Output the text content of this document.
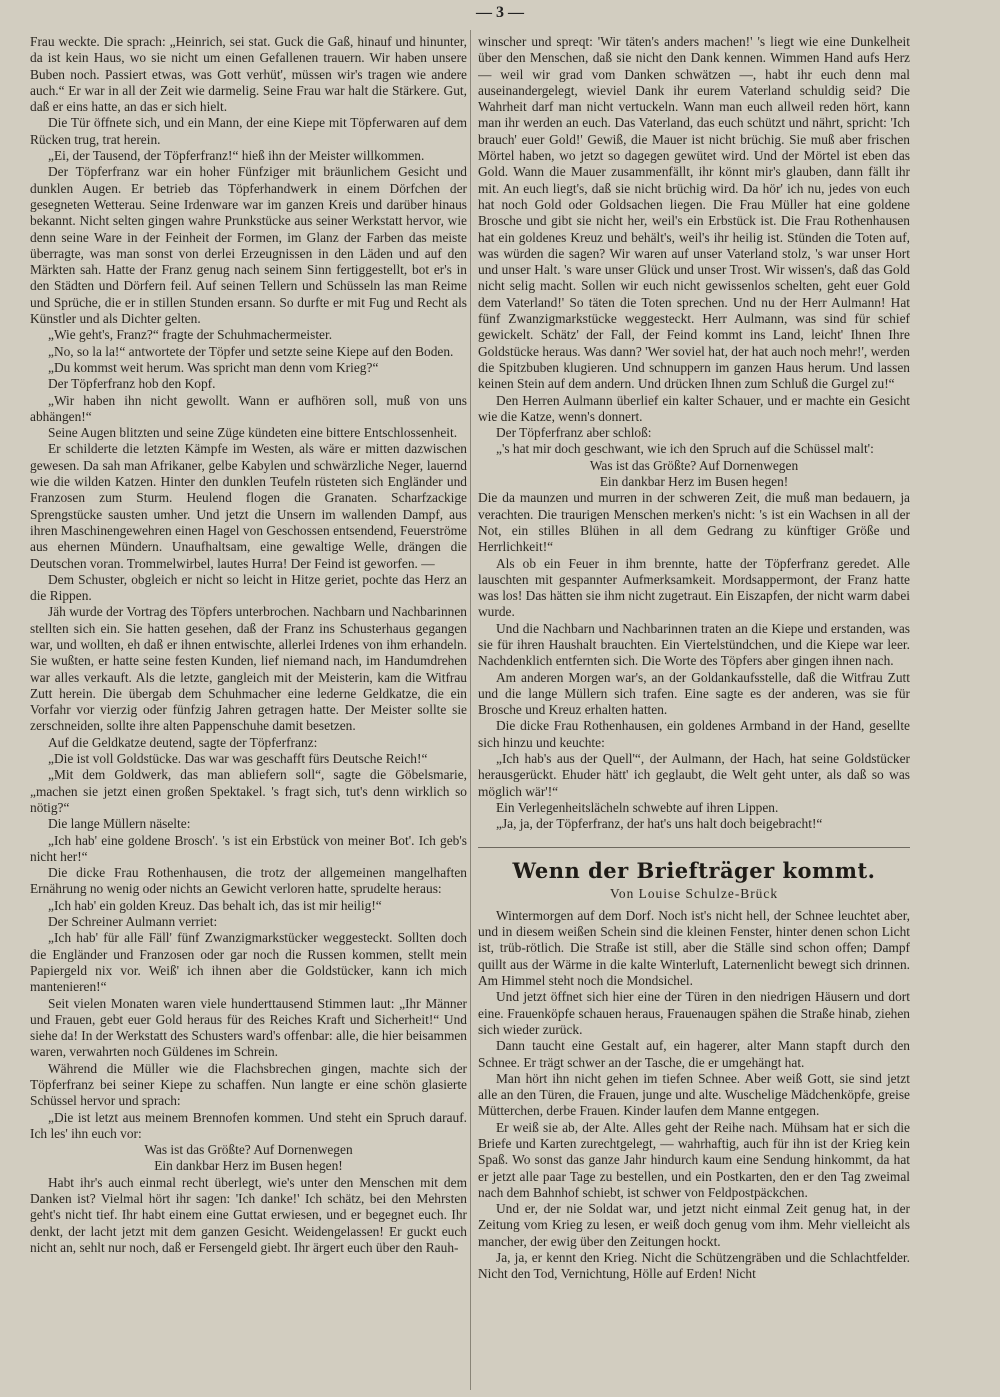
— 3 —

Frau weckte. Die sprach: „Heinrich, sei stat. Guck die Gaß, hinauf und hinunter, da ist kein Haus, wo sie nicht um einen Gefallenen trauern. Wir haben unsere Buben noch. Passiert etwas, was Gott verhüt', müssen wir's tragen wie andere auch.“ Er war in all der Zeit wie darmelig. Seine Frau war halt die Stärkere. Gut, daß er eins hatte, an das er sich hielt.

Die Tür öffnete sich, und ein Mann, der eine Kiepe mit Töpferwaren auf dem Rücken trug, trat herein.

„Ei, der Tausend, der Töpferfranz!“ hieß ihn der Meister willkommen.

Der Töpferfranz war ein hoher Fünfziger mit bräunlichem Gesicht und dunklen Augen. Er betrieb das Töpferhandwerk in einem Dörfchen der gesegneten Wetterau. Seine Irdenware war im ganzen Kreis und darüber hinaus bekannt. Nicht selten gingen wahre Prunkstücke aus seiner Werkstatt hervor, wie denn seine Ware in der Feinheit der Formen, im Glanz der Farben das meiste überragte, was man sonst von derlei Erzeugnissen in den Läden und auf den Märkten sah. Hatte der Franz genug nach seinem Sinn fertiggestellt, bot er's in den Städten und Dörfern feil. Auf seinen Tellern und Schüsseln las man Reime und Sprüche, die er in stillen Stunden ersann. So durfte er mit Fug und Recht als Künstler und als Dichter gelten.

„Wie geht's, Franz?“ fragte der Schuhmachermeister.

„No, so la la!“ antwortete der Töpfer und setzte seine Kiepe auf den Boden.

„Du kommst weit herum. Was spricht man denn vom Krieg?“

Der Töpferfranz hob den Kopf.

„Wir haben ihn nicht gewollt. Wann er aufhören soll, muß von uns abhängen!“

Seine Augen blitzten und seine Züge kündeten eine bittere Entschlossenheit.

Er schilderte die letzten Kämpfe im Westen, als wäre er mitten dazwischen gewesen. Da sah man Afrikaner, gelbe Kabylen und schwärzliche Neger, lauernd wie die wilden Katzen. Hinter den dunklen Teufeln rüsteten sich Engländer und Franzosen zum Sturm. Heulend flogen die Granaten. Scharfzackige Sprengstücke sausten umher. Und jetzt die Unsern im wallenden Dampf, aus ihren Maschinengewehren einen Hagel von Geschossen entsendend, Feuerströme aus ehernen Mündern. Unaufhaltsam, eine gewaltige Welle, drängen die Deutschen voran. Trommelwirbel, lautes Hurra! Der Feind ist geworfen. —

Dem Schuster, obgleich er nicht so leicht in Hitze geriet, pochte das Herz an die Rippen.

Jäh wurde der Vortrag des Töpfers unterbrochen. Nachbarn und Nachbarinnen stellten sich ein. Sie hatten gesehen, daß der Franz ins Schusterhaus gegangen war, und wollten, eh daß er ihnen entwischte, allerlei Irdenes von ihm erhandeln. Sie wußten, er hatte seine festen Kunden, lief niemand nach, im Handumdrehen war alles verkauft. Als die letzte, gangleich mit der Meisterin, kam die Witfrau Zutt herein. Die übergab dem Schuhmacher eine lederne Geldkatze, die ein Vorfahr vor vierzig oder fünfzig Jahren getragen hatte. Der Meister sollte sie zerschneiden, sollte ihre alten Pappenschuhe damit besetzen.

Auf die Geldkatze deutend, sagte der Töpferfranz:

„Die ist voll Goldstücke. Das war was geschafft fürs Deutsche Reich!“

„Mit dem Goldwerk, das man abliefern soll“, sagte die Göbelsmarie, „machen sie jetzt einen großen Spektakel. 's fragt sich, tut's denn wirklich so nötig?“

Die lange Müllern näselte:

„Ich hab' eine goldene Brosch'. 's ist ein Erbstück von meiner Bot'. Ich geb's nicht her!“

Die dicke Frau Rothenhausen, die trotz der allgemeinen mangelhaften Ernährung no wenig oder nichts an Gewicht verloren hatte, sprudelte heraus:

„Ich hab' ein golden Kreuz. Das behalt ich, das ist mir heilig!“

Der Schreiner Aulmann verriet:

„Ich hab' für alle Fäll' fünf Zwanzigmarkstücker weggesteckt. Sollten doch die Engländer und Franzosen oder gar noch die Russen kommen, stellt mein Papiergeld nix vor. Weiß' ich ihnen aber die Goldstücker, kann ich mich mantenieren!“

Seit vielen Monaten waren viele hunderttausend Stimmen laut: „Ihr Männer und Frauen, gebt euer Gold heraus für des Reiches Kraft und Sicherheit!“ Und siehe da! In der Werkstatt des Schusters ward's offenbar: alle, die hier beisammen waren, verwahrten noch Güldenes im Schrein.

Während die Müller wie die Flachsbrechen gingen, machte sich der Töpferfranz bei seiner Kiepe zu schaffen. Nun langte er eine schön glasierte Schüssel hervor und sprach:

„Die ist letzt aus meinem Brennofen kommen. Und steht ein Spruch darauf. Ich les' ihn euch vor:

Was ist das Größte? Auf Dornenwegen

Ein dankbar Herz im Busen hegen!

Habt ihr's auch einmal recht überlegt, wie's unter den Menschen mit dem Danken ist? Vielmal hört ihr sagen: 'Ich danke!' Ich schätz, bei den Mehrsten geht's nicht tief. Ihr habt einem eine Guttat erwiesen, und er begegnet euch. Ihr denkt, der lacht jetzt mit dem ganzen Gesicht. Weidengelassen! Er guckt euch nicht an, sehlt nur noch, daß er Fersengeld giebt. Ihr ärgert euch über den Rauh-

winscher und spreqt: 'Wir täten's anders machen!' 's liegt wie eine Dunkelheit über den Menschen, daß sie nicht den Dank kennen. Wimmen Hand aufs Herz — weil wir grad vom Danken schwätzen —, habt ihr euch denn mal auseinandergelegt, wieviel Dank ihr eurem Vaterland schuldig seid? Die Wahrheit darf man nicht vertuckeln. Wann man euch allweil reden hört, kann man ihr werden an euch. Das Vaterland, das euch schützt und nährt, spricht: 'Ich brauch' euer Gold!' Gewiß, die Mauer ist nicht brüchig. Sie muß aber frischen Mörtel haben, wo jetzt so dagegen gewütet wird. Und der Mörtel ist eben das Gold. Wann die Mauer zusammenfällt, ihr könnt mir's glauben, dann fällt ihr mit. An euch liegt's, daß sie nicht brüchig wird. Da hör' ich nu, jedes von euch hat noch Gold oder Goldsachen liegen. Die Frau Müller hat eine goldene Brosche und gibt sie nicht her, weil's ein Erbstück ist. Die Frau Rothenhausen hat ein goldenes Kreuz und behält's, weil's ihr heilig ist. Stünden die Toten auf, was würden die sagen? Wir waren auf unser Vaterland stolz, 's war unser Hort und unser Halt. 's ware unser Glück und unser Trost. Wir wissen's, daß das Gold nicht selig macht. Sollen wir euch nicht gewissenlos schelten, geht euer Gold dem Vaterland!' So täten die Toten sprechen. Und nu der Herr Aulmann! Hat fünf Zwanzigmarkstücke weggesteckt. Herr Aulmann, was sind für schief gewickelt. Schätz' der Fall, der Feind kommt ins Land, leicht' Ihnen Ihre Goldstücke heraus. Was dann? 'Wer soviel hat, der hat auch noch mehr!', werden die Spitzbuben klugieren. Und schnuppern im ganzen Haus herum. Und lassen keinen Stein auf dem andern. Und drücken Ihnen zum Schluß die Gurgel zu!“

Den Herren Aulmann überlief ein kalter Schauer, und er machte ein Gesicht wie die Katze, wenn's donnert.

Der Töpferfranz aber schloß:

„'s hat mir doch geschwant, wie ich den Spruch auf die Schüssel malt':

Was ist das Größte? Auf Dornenwegen

Ein dankbar Herz im Busen hegen!

Die da maunzen und murren in der schweren Zeit, die muß man bedauern, ja verachten. Die traurigen Menschen merken's nicht: 's ist ein Wachsen in all der Not, ein stilles Blühen in all dem Gedrang zu künftiger Größe und Herrlichkeit!“

Als ob ein Feuer in ihm brennte, hatte der Töpferfranz geredet. Alle lauschten mit gespannter Aufmerksamkeit. Mordsappermont, der Franz hatte was los! Das hätten sie ihm nicht zugetraut. Ein Eiszapfen, der nicht warm dabei wurde.

Und die Nachbarn und Nachbarinnen traten an die Kiepe und erstanden, was sie für ihren Haushalt brauchten. Ein Viertelstündchen, und die Kiepe war leer. Nachdenklich entfernten sich. Die Worte des Töpfers aber gingen ihnen nach.

Am anderen Morgen war's, an der Goldankaufsstelle, daß die Witfrau Zutt und die lange Müllern sich trafen. Eine sagte es der anderen, was sie für Brosche und Kreuz erhalten hatten.

Die dicke Frau Rothenhausen, ein goldenes Armband in der Hand, gesellte sich hinzu und keuchte:

„Ich hab's aus der Quell'“, der Aulmann, der Hach, hat seine Goldstücker herausgerückt. Ehuder hätt' ich geglaubt, die Welt geht unter, als daß so was möglich wär'!“

Ein Verlegenheitslächeln schwebte auf ihren Lippen.

„Ja, ja, der Töpferfranz, der hat's uns halt doch beigebracht!“

Wenn der Briefträger kommt.
Von Louise Schulze-Brück

Wintermorgen auf dem Dorf. Noch ist's nicht hell, der Schnee leuchtet aber, und in diesem weißen Schein sind die kleinen Fenster, hinter denen schon Licht ist, trüb-rötlich. Die Straße ist still, aber die Ställe sind schon offen; Dampf quillt aus der Wärme in die kalte Winterluft, Laternenlicht bewegt sich drinnen. Am Himmel steht noch die Mondsichel.

Und jetzt öffnet sich hier eine der Türen in den niedrigen Häusern und dort eine. Frauenköpfe schauen heraus, Frauenaugen spähen die Straße hinab, ziehen sich wieder zurück.

Dann taucht eine Gestalt auf, ein hagerer, alter Mann stapft durch den Schnee. Er trägt schwer an der Tasche, die er umgehängt hat.

Man hört ihn nicht gehen im tiefen Schnee. Aber weiß Gott, sie sind jetzt alle an den Türen, die Frauen, junge und alte. Wuschelige Mädchenköpfe, greise Mütterchen, derbe Frauen. Kinder laufen dem Manne entgegen.

Er weiß sie ab, der Alte. Alles geht der Reihe nach. Mühsam hat er sich die Briefe und Karten zurechtgelegt, — wahrhaftig, auch für ihn ist der Krieg kein Spaß. Wo sonst das ganze Jahr hindurch kaum eine Sendung hinkommt, da hat er jetzt alle paar Tage zu bestellen, und ein Postkarten, den er den Tag zweimal nach dem Bahnhof schiebt, ist schwer von Feldpostpäckchen.

Und er, der nie Soldat war, und jetzt nicht einmal Zeit genug hat, in der Zeitung vom Krieg zu lesen, er weiß doch genug vom ihm. Mehr vielleicht als mancher, der ewig über den Zeitungen hockt.

Ja, ja, er kennt den Krieg. Nicht die Schützengräben und die Schlachtfelder. Nicht den Tod, Vernichtung, Hölle auf Erden! Nicht
